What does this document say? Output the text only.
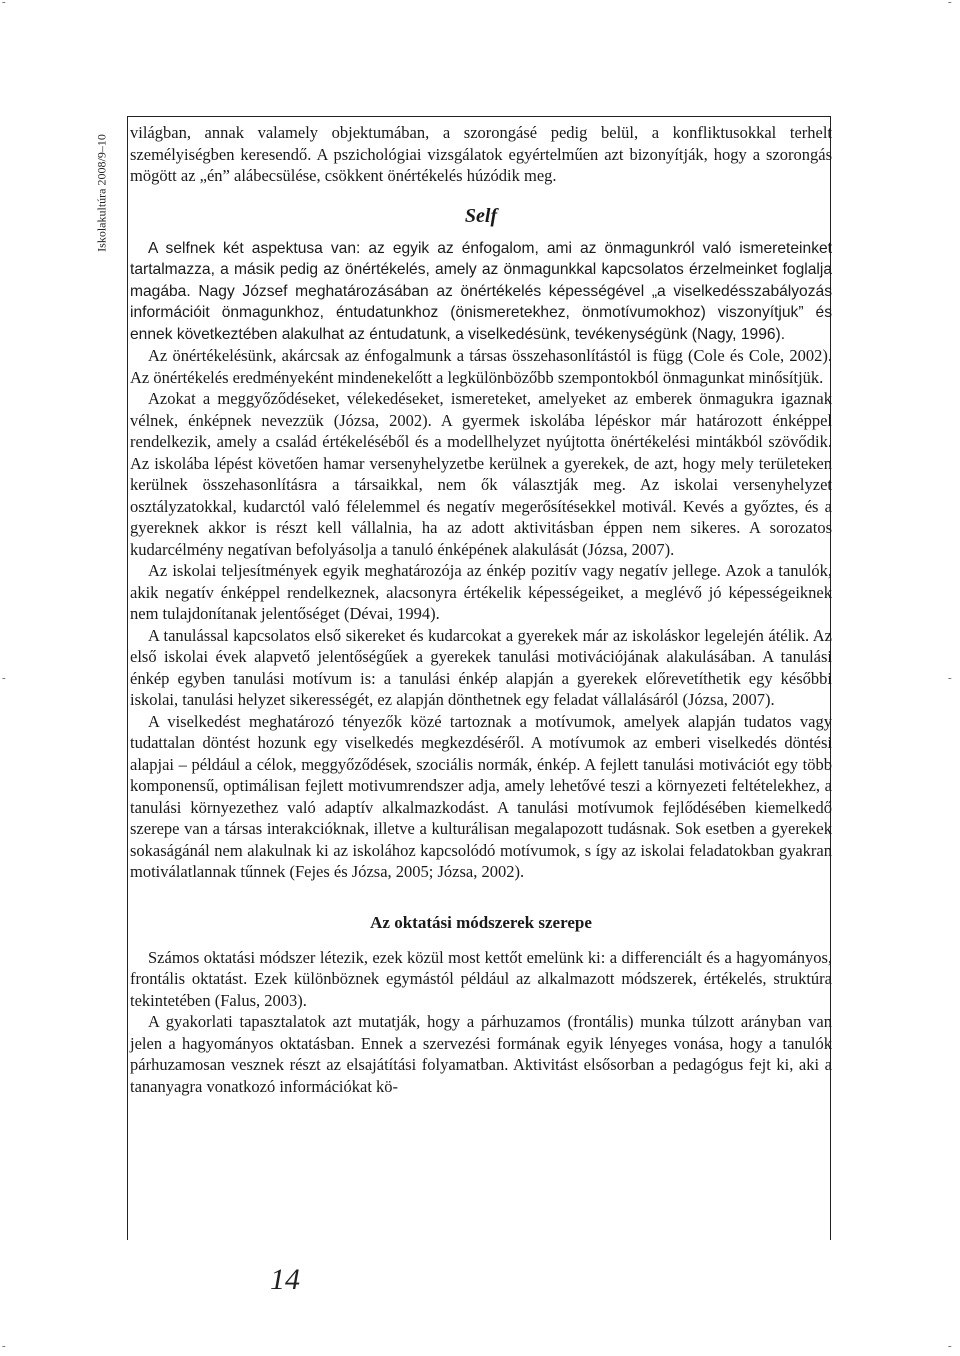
-	-
-	-
-	-
Iskolakultúra 2008/9–10

világban, annak valamely objektumában, a szorongásé pedig belül, a konfliktusokkal terhelt személyiségben keresendő. A pszichológiai vizsgálatok egyértelműen azt bizonyítják, hogy a szorongás mögött az „én” alábecsülése, csökkent önértékelés húzódik meg.

Self

A selfnek két aspektusa van: az egyik az énfogalom, ami az önmagunkról való ismereteinket tartalmazza, a másik pedig az önértékelés, amely az önmagunkkal kapcsolatos érzelmeinket foglalja magába. Nagy József meghatározásában az önértékelés képességével „a viselkedésszabályozás információit önmagunkhoz, éntudatunkhoz (önismeretekhez, önmotívumokhoz) viszonyítjuk” és ennek következtében alakulhat az éntudatunk, a viselkedésünk, tevékenységünk (Nagy, 1996).

Az önértékelésünk, akárcsak az énfogalmunk a társas összehasonlítástól is függ (Cole és Cole, 2002). Az önértékelés eredményeként mindenekelőtt a legkülönbözőbb szempontokból önmagunkat minősítjük.

Azokat a meggyőződéseket, vélekedéseket, ismereteket, amelyeket az emberek önmagukra igaznak vélnek, énképnek nevezzük (Józsa, 2002). A gyermek iskolába lépéskor már határozott énképpel rendelkezik, amely a család értékeléséből és a modellhelyzet nyújtotta önértékelési mintákból szövődik. Az iskolába lépést követően hamar versenyhelyzetbe kerülnek a gyerekek, de azt, hogy mely területeken kerülnek összehasonlításra a társaikkal, nem ők választják meg. Az iskolai versenyhelyzet osztályzatokkal, kudarctól való félelemmel és negatív megerősítésekkel motivál. Kevés a győztes, és a gyereknek akkor is részt kell vállalnia, ha az adott aktivitásban éppen nem sikeres. A sorozatos kudarcélmény negatívan befolyásolja a tanuló énképének alakulását (Józsa, 2007).

Az iskolai teljesítmények egyik meghatározója az énkép pozitív vagy negatív jellege. Azok a tanulók, akik negatív énképpel rendelkeznek, alacsonyra értékelik képességeiket, a meglévő jó képességeiknek nem tulajdonítanak jelentőséget (Dévai, 1994).

A tanulással kapcsolatos első sikereket és kudarcokat a gyerekek már az iskoláskor legelején átélik. Az első iskolai évek alapvető jelentőségűek a gyerekek tanulási motivációjának alakulásában. A tanulási énkép egyben tanulási motívum is: a tanulási énkép alapján a gyerekek előrevetíthetik egy későbbi iskolai, tanulási helyzet sikerességét, ez alapján dönthetnek egy feladat vállalásáról (Józsa, 2007).

A viselkedést meghatározó tényezők közé tartoznak a motívumok, amelyek alapján tudatos vagy tudattalan döntést hozunk egy viselkedés megkezdéséről. A motívumok az emberi viselkedés döntési alapjai – például a célok, meggyőződések, szociális normák, énkép. A fejlett tanulási motivációt egy több komponensű, optimálisan fejlett motivumrendszer adja, amely lehetővé teszi a környezeti feltételekhez, a tanulási környezethez való adaptív alkalmazkodást. A tanulási motívumok fejlődésében kiemelkedő szerepe van a társas interakcióknak, illetve a kulturálisan megalapozott tudásnak. Sok esetben a gyerekek sokaságánál nem alakulnak ki az iskolához kapcsolódó motívumok, s így az iskolai feladatokban gyakran motiválatlannak tűnnek (Fejes és Józsa, 2005; Józsa, 2002).

Az oktatási módszerek szerepe

Számos oktatási módszer létezik, ezek közül most kettőt emelünk ki: a differenciált és a hagyományos, frontális oktatást. Ezek különböznek egymástól például az alkalmazott módszerek, értékelés, struktúra tekintetében (Falus, 2003).

A gyakorlati tapasztalatok azt mutatják, hogy a párhuzamos (frontális) munka túlzott arányban van jelen a hagyományos oktatásban. Ennek a szervezési formának egyik lényeges vonása, hogy a tanulók párhuzamosan vesznek részt az elsajátítási folyamatban. Aktivitást elsősorban a pedagógus fejt ki, aki a tananyagra vonatkozó információkat kö-

14
